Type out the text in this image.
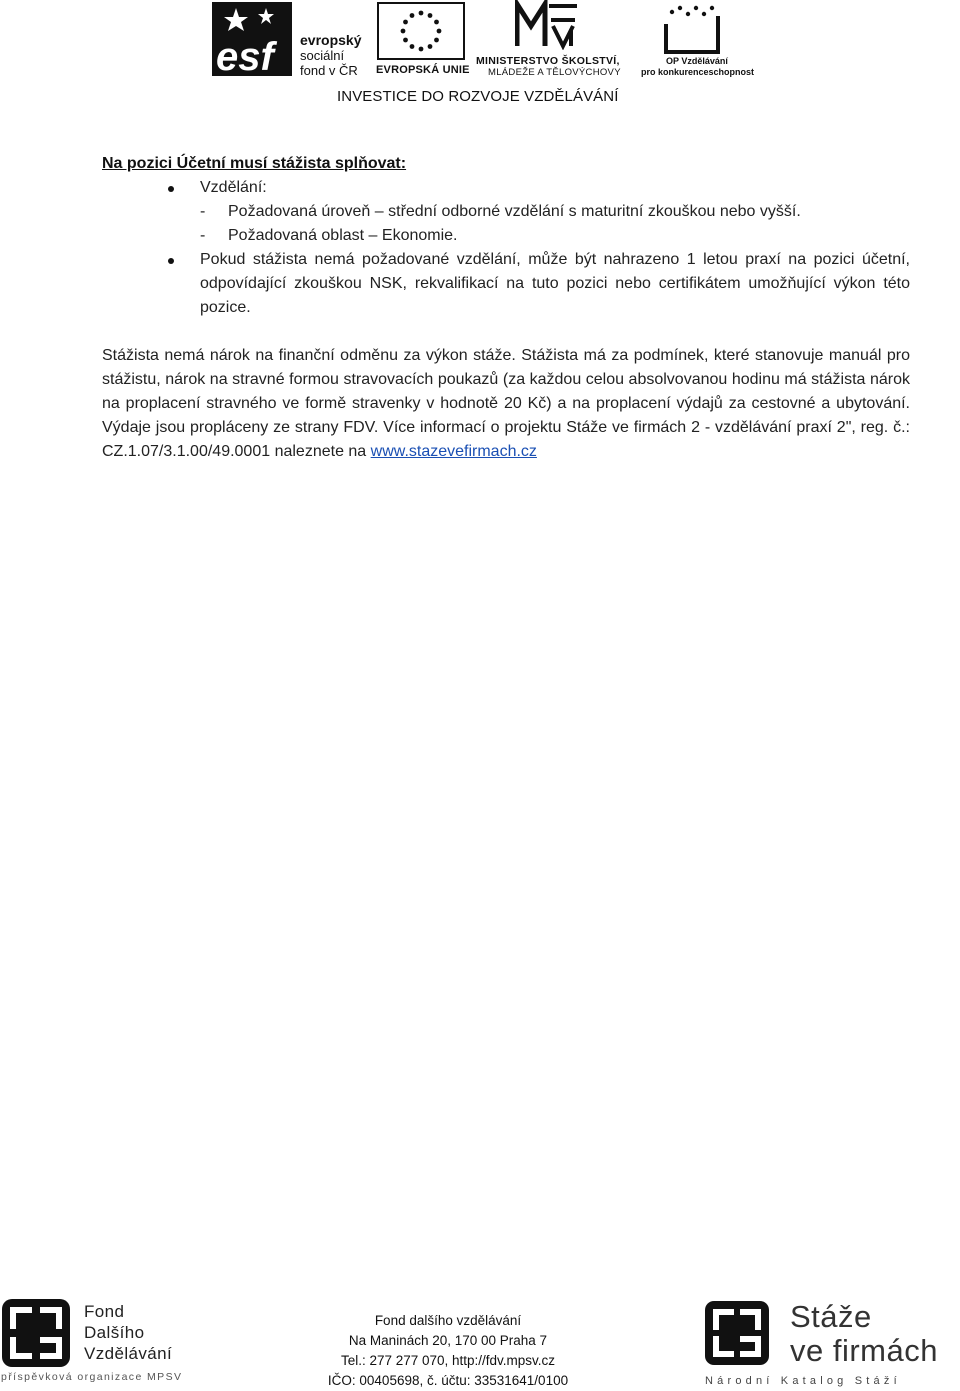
esf evropský
sociální
fond v ČR	EVROPSKÁ UNIE
MINISTERSTVO ŠKOLSTVÍ,
MLÁDEŽE A TĚLOVÝCHOVY
OP Vzdělávání
pro konkurenceschopnost
INVESTICE DO ROZVOJE VZDĚLÁVÁNÍ

Na pozici Účetní musí stážista splňovat:

Vzdělání:
- Požadovaná úroveň – střední odborné vzdělání s maturitní zkouškou nebo vyšší.
- Požadovaná oblast – Ekonomie.
Pokud stážista nemá požadované vzdělání, může být nahrazeno 1 letou praxí na pozici účetní, odpovídající zkouškou NSK, rekvalifikací na tuto pozici nebo certifikátem umožňující výkon této pozice.

Stážista nemá nárok na finanční odměnu za výkon stáže. Stážista má za podmínek, které stanovuje manuál pro stážistu, nárok na stravné formou stravovacích poukazů (za každou celou absolvovanou hodinu má stážista nárok na proplacení stravného ve formě stravenky v hodnotě 20 Kč) a na proplacení výdajů za cestovné a ubytování. Výdaje jsou propláceny ze strany FDV. Více informací o projektu Stáže ve firmách 2 - vzdělávání praxí 2", reg. č.: CZ.1.07/3.1.00/49.0001 naleznete na www.stazevefirmach.cz

Fond
Dalšího
Vzdělávání
příspěvková organizace MPSV
Fond dalšího vzdělávání
Na Maninách 20, 170 00 Praha 7
Tel.: 277 277 070, http://fdv.mpsv.cz
IČO: 00405698, č. účtu: 33531641/0100
Stáže
ve firmách
Národní Katalog Stáží
